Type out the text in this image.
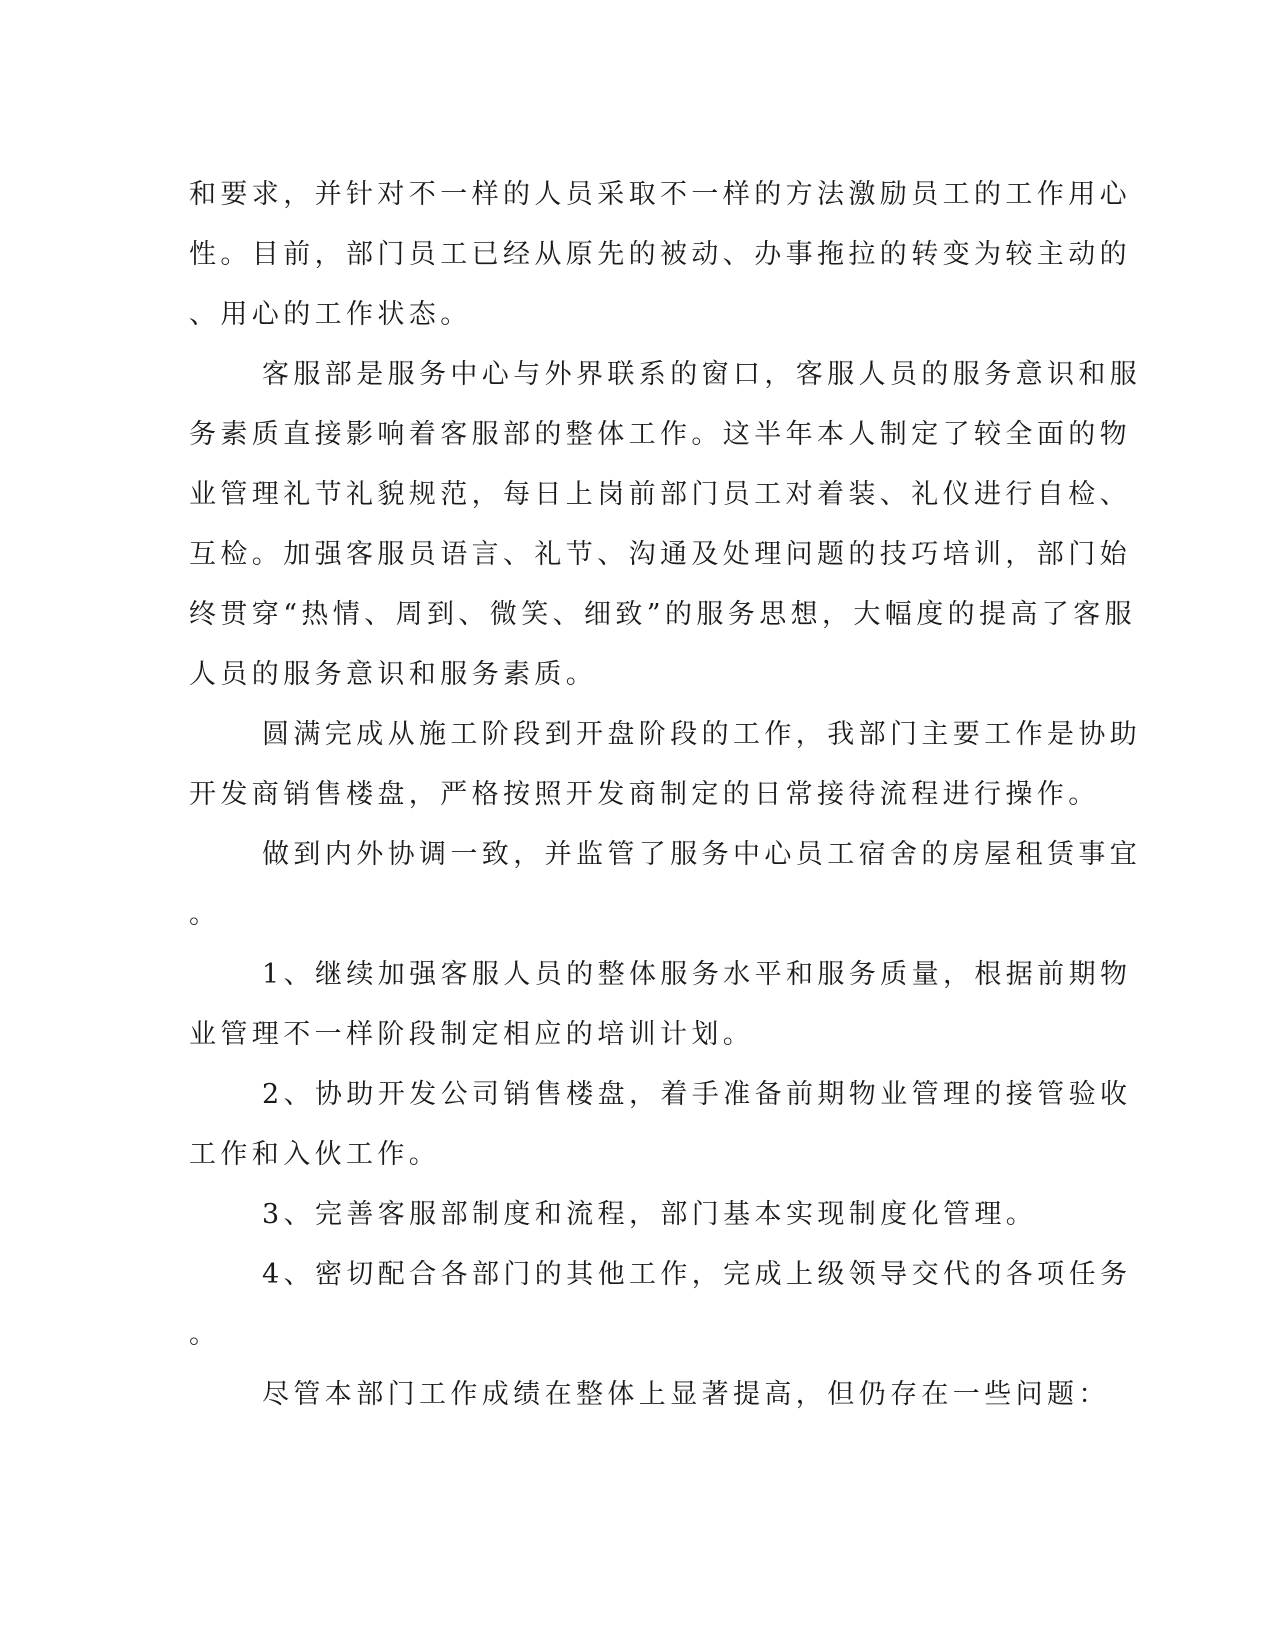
和要求，并针对不一样的人员采取不一样的方法激励员工的工作用心
性。目前，部门员工已经从原先的被动、办事拖拉的转变为较主动的
、用心的工作状态。
客服部是服务中心与外界联系的窗口，客服人员的服务意识和服
务素质直接影响着客服部的整体工作。这半年本人制定了较全面的物
业管理礼节礼貌规范，每日上岗前部门员工对着装、礼仪进行自检、
互检。加强客服员语言、礼节、沟通及处理问题的技巧培训，部门始
终贯穿“热情、周到、微笑、细致”的服务思想，大幅度的提高了客服
人员的服务意识和服务素质。
圆满完成从施工阶段到开盘阶段的工作，我部门主要工作是协助
开发商销售楼盘，严格按照开发商制定的日常接待流程进行操作。
做到内外协调一致，并监管了服务中心员工宿舍的房屋租赁事宜
。
1、继续加强客服人员的整体服务水平和服务质量，根据前期物
业管理不一样阶段制定相应的培训计划。
2、协助开发公司销售楼盘，着手准备前期物业管理的接管验收
工作和入伙工作。
3、完善客服部制度和流程，部门基本实现制度化管理。
4、密切配合各部门的其他工作，完成上级领导交代的各项任务
。
尽管本部门工作成绩在整体上显著提高，但仍存在一些问题：
